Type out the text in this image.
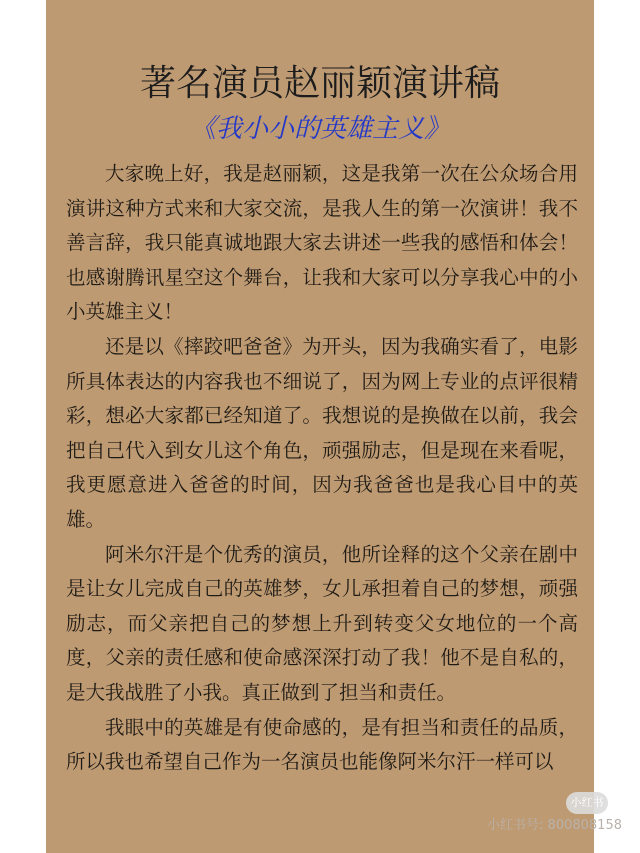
著名演员赵丽颖演讲稿
《我小小的英雄主义》

大家晚上好，我是赵丽颖，这是我第一次在公众场合用演讲这种方式来和大家交流，是我人生的第一次演讲！我不善言辞，我只能真诚地跟大家去讲述一些我的感悟和体会！也感谢腾讯星空这个舞台，让我和大家可以分享我心中的小小英雄主义！

还是以《摔跤吧爸爸》为开头，因为我确实看了，电影所具体表达的内容我也不细说了，因为网上专业的点评很精彩，想必大家都已经知道了。我想说的是换做在以前，我会把自己代入到女儿这个角色，顽强励志，但是现在来看呢，我更愿意进入爸爸的时间，因为我爸爸也是我心目中的英雄。

阿米尔汗是个优秀的演员，他所诠释的这个父亲在剧中是让女儿完成自己的英雄梦，女儿承担着自己的梦想，顽强励志，而父亲把自己的梦想上升到转变父女地位的一个高度，父亲的责任感和使命感深深打动了我！他不是自私的，是大我战胜了小我。真正做到了担当和责任。

我眼中的英雄是有使命感的，是有担当和责任的品质，所以我也希望自己作为一名演员也能像阿米尔汗一样可以

小红书
小红书号: 800808158
